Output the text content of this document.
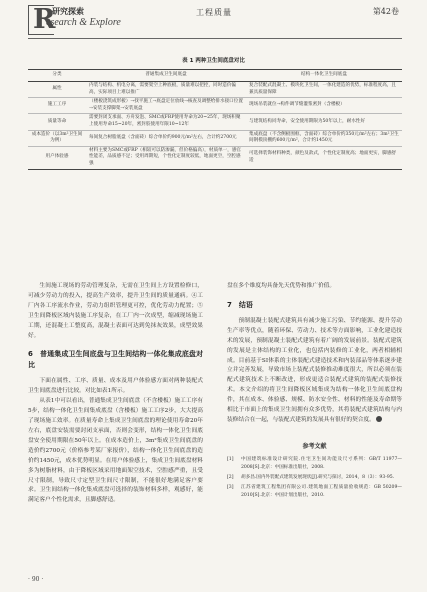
R
研究探索
esearch & Explore
工程质量	第42卷
表 1 两种卫生间底盘对比
分类	普通集成卫生间底盘	结构一体化卫生间底盘
属性	内装与结构、机电分离，需要架空上种底板，质量难以把控，同时造价偏高，实际项目上难以推广	复合装配式混凝土、模块化卫生间，一体化建造的优势，标准程度高，且兼具质量保障
施工工序	（楼板浇筑成形板）→找平施工→底盘定位放线→核查及调整给排水接口位置→安装支撑脚架→安装底盘	现场吊装就位→构件调节缝灌浆密封（含楼板）
质量等命	需要封闭支承面、方舟发泡、SMC或FRP使用寿命为20~25年，现场积聚上使用寿命15~20年，密封胶使用年限10~12年	与建筑结构同寿命，安全使用期限为50年以上，耐水性好
成本造价（以3m²卫生间为例）	每间复合树脂底盘（含面砖）综合单价约900元/m²左右，合计约2700元	集成底盘（不含侧板围框，含面砖）综合单价约350元/m²左右；3m²卫生间钢模顶棚约600元/m²，合计约1450元
用户体验感	材料主要为SMC或FRP（相较可以防渗漏，但价格偏高），材质单一，感官性能差，品质感不足；受用周期短，个性化定制度较低，地面更空，空腔感强	可选择装饰材料种类，颜色及款式，个性化定制度高；地面更实，脚感舒适

生间施工现场的劳动管理复杂，无需在卫生间上方设置检修口，可减少劳动力的投入，提高生产效率，提升卫生间的质量通病。④工厂内各工序流水作业，劳动力组织管理更可控，优化劳动力配置；⑤卫生间降板区域内装施工序复杂，在工厂内一次成型，缩减现场施工工期，还混凝土工整度高，混凝土表面可达到免抹灰效果，成型效果好。

6　普通集成卫生间底盘与卫生间结构一体化集成底盘对比

下面在属性、工序、质量、成本及用户体验感方面对两种装配式卫生间底盘进行比较。对比如表1所示。

从表1中可以看出，普通集成卫生间底盘（不含楼板）施工工序有5步，结构一体化卫生间集成底盘（含楼板）施工工序2步，大大提高了现场施工效率。在质量寿命上集成卫生间底盘的理论使用寿命20年左右，底盘安装需要封闭支承面，否则会变形，结构一体化卫生间底盘安全使用期限在50年以上。在成本造价上，3m²集成卫生间底盘的造价约2700元（价格参考某厂家报价），结构一体化卫生间底盘的造价约1450元，成本优势明显。在用户体验感上，集成卫生间底盘材料多为树脂材料，由于降板区域采用地面架空技术，空腔感严重，且受尺寸限制，导致尺寸定型卫生间尺寸限制，不能很好地满足客户要求。卫生间结构一体化集成底盘可选择的装饰材料多样，观感好，能满足客户个性化需求，且脚感舒适。

盘在多个维度均具备先天优势和推广价值。

7　结语

预制混凝土装配式建筑具有减少施工污染、节约能源、提升劳动生产率等优点，随着环保、劳动力、技术等方面影响，工业化建造技术的发展，预制混凝土装配式建筑有着广阔的发展前景。装配式建筑的发展是主体结构的工业化，也包括内装修的工业化，两者相辅相成。目前基于SI体系的主体装配式建造技术和内装部品等体系逐步建立并完善发展，导致市场上装配式装修推动难度很大，所以必须在装配式建筑技术上不断改进，形成更适合装配式建筑的装配式装修技术。本文介绍的将卫生间降板区域集成为结构一体化卫生间底盘构件，其在成本、体验感、规模、防水安全性、材料的性能及寿命期等相比于市面上的集成卫生间拥有众多优势，其将装配式建筑结构与内装修结合在一起，与装配式建筑的发展具有很好的契合度。

参考文献
[1]	中国建筑标准设计研究院.住宅卫生间功能及尺寸系列：GB/T 11977—2008[S].北京：中国标准出版社，2008.
[2]	胡多昌.国内外装配式建筑发展现状[J].研究与探讨，2014，8（3）：93-95.
[3]	江苏省建筑工程集团有限公司.建筑地面工程质量验收规范：GB 50209—2010[S].北京：中国计划出版社，2010.
· 90 ·
